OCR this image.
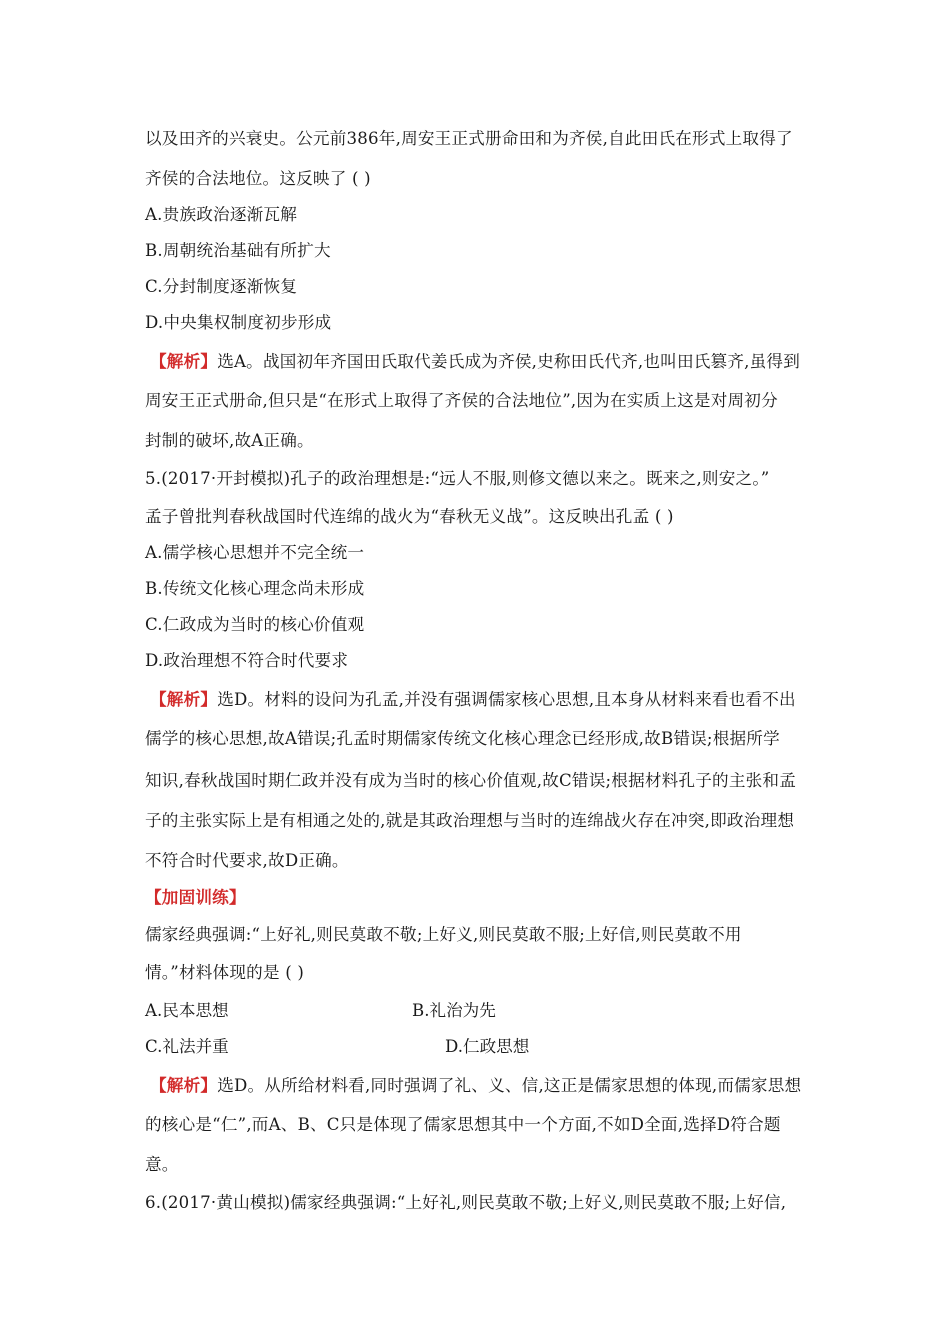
以及田齐的兴衰史。公元前386年,周安王正式册命田和为齐侯,自此田氏在形式上取得了
齐侯的合法地位。这反映了 ( )
A.贵族政治逐渐瓦解
B.周朝统治基础有所扩大
C.分封制度逐渐恢复
D.中央集权制度初步形成
【解析】选A。战国初年齐国田氏取代姜氏成为齐侯,史称田氏代齐,也叫田氏篡齐,虽得到
周安王正式册命,但只是“在形式上取得了齐侯的合法地位”,因为在实质上这是对周初分
封制的破坏,故A正确。
5.(2017·开封模拟)孔子的政治理想是:“远人不服,则修文德以来之。既来之,则安之。”
孟子曾批判春秋战国时代连绵的战火为“春秋无义战”。这反映出孔孟 ( )
A.儒学核心思想并不完全统一
B.传统文化核心理念尚未形成
C.仁政成为当时的核心价值观
D.政治理想不符合时代要求
【解析】选D。材料的设问为孔孟,并没有强调儒家核心思想,且本身从材料来看也看不出
儒学的核心思想,故A错误;孔孟时期儒家传统文化核心理念已经形成,故B错误;根据所学
知识,春秋战国时期仁政并没有成为当时的核心价值观,故C错误;根据材料孔子的主张和孟
子的主张实际上是有相通之处的,就是其政治理想与当时的连绵战火存在冲突,即政治理想
不符合时代要求,故D正确。
【加固训练】
儒家经典强调:“上好礼,则民莫敢不敬;上好义,则民莫敢不服;上好信,则民莫敢不用
情。”材料体现的是 ( )
A.民本思想	B.礼治为先
C.礼法并重	D.仁政思想
【解析】选D。从所给材料看,同时强调了礼、义、信,这正是儒家思想的体现,而儒家思想
的核心是“仁”,而A、B、C只是体现了儒家思想其中一个方面,不如D全面,选择D符合题
意。
6.(2017·黄山模拟)儒家经典强调:“上好礼,则民莫敢不敬;上好义,则民莫敢不服;上好信,
